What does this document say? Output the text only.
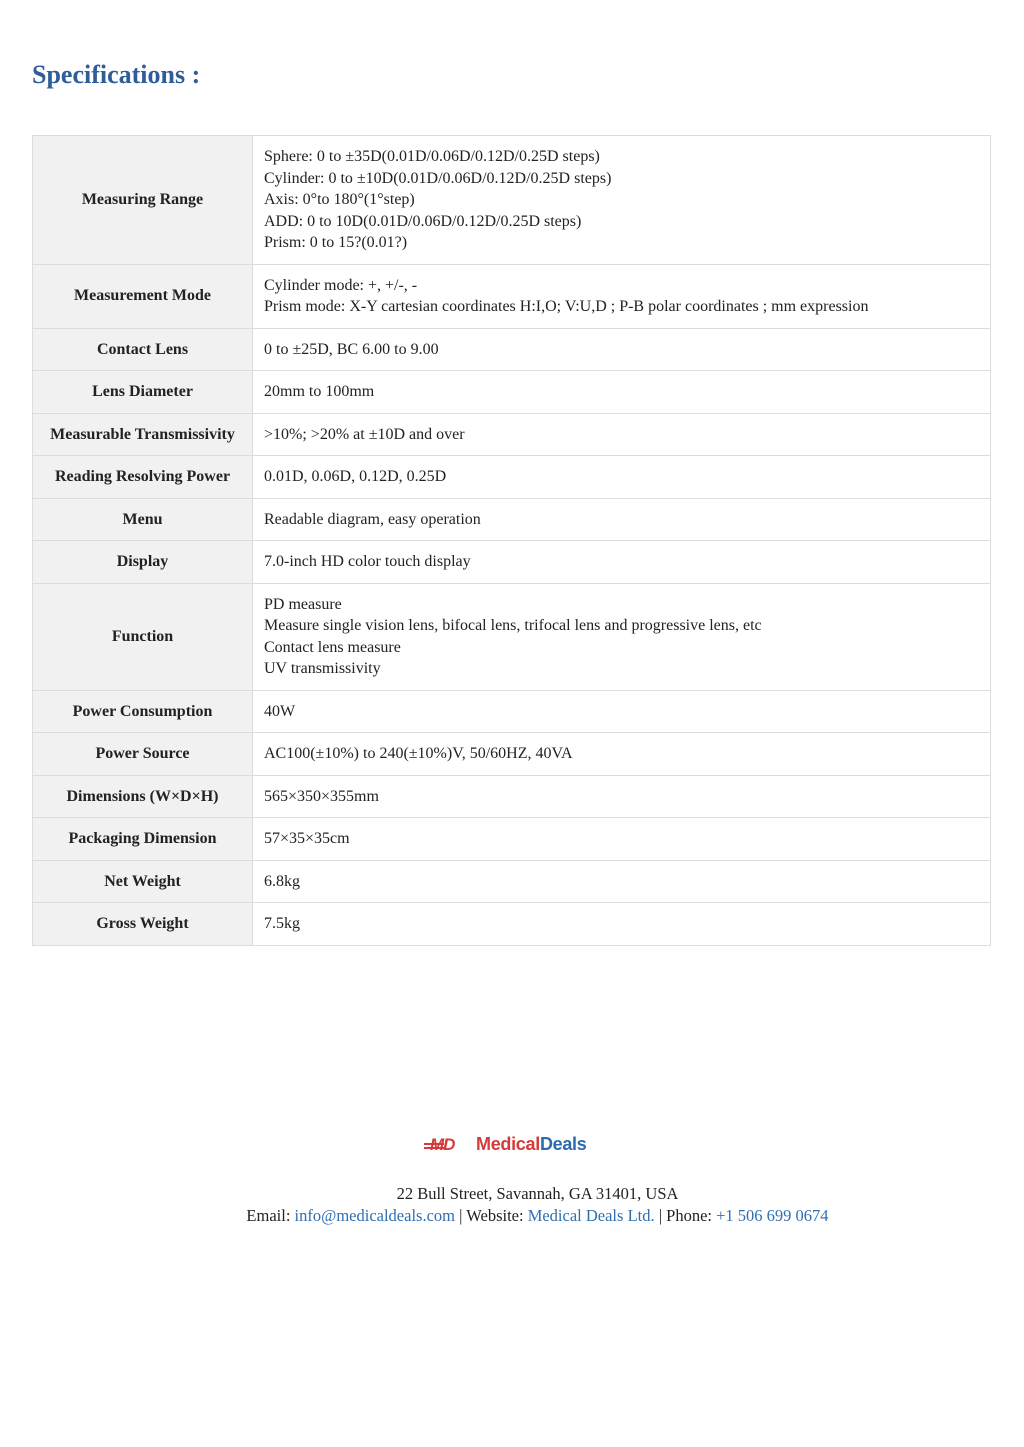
Specifications :
Measuring Range	Sphere: 0 to ±35D(0.01D/0.06D/0.12D/0.25D steps)
Cylinder: 0 to ±10D(0.01D/0.06D/0.12D/0.25D steps)
Axis: 0°to 180°(1°step)
ADD: 0 to 10D(0.01D/0.06D/0.12D/0.25D steps)
Prism: 0 to 15?(0.01?)

Measurement Mode	Cylinder mode: +, +/-, -
Prism mode: X-Y cartesian coordinates H:I,O; V:U,D ; P-B polar coordinates ; mm expression

Contact Lens	0 to ±25D, BC 6.00 to 9.00

Lens Diameter	20mm to 100mm

Measurable Transmissivity	>10%; >20% at ±10D and over

Reading Resolving Power	0.01D, 0.06D, 0.12D, 0.25D

Menu	Readable diagram, easy operation

Display	7.0-inch HD color touch display

Function	PD measure
Measure single vision lens, bifocal lens, trifocal lens and progressive lens, etc
Contact lens measure
UV transmissivity

Power Consumption	40W

Power Source	AC100(±10%) to 240(±10%)V, 50/60HZ, 40VA

Dimensions (W×D×H)	565×350×355mm

Packaging Dimension	57×35×35cm

Net Weight	6.8kg

Gross Weight	7.5kg
MD MedicalDeals
22 Bull Street, Savannah, GA 31401, USA
Email: info@medicaldeals.com | Website: Medical Deals Ltd. | Phone: +1 506 699 0674
